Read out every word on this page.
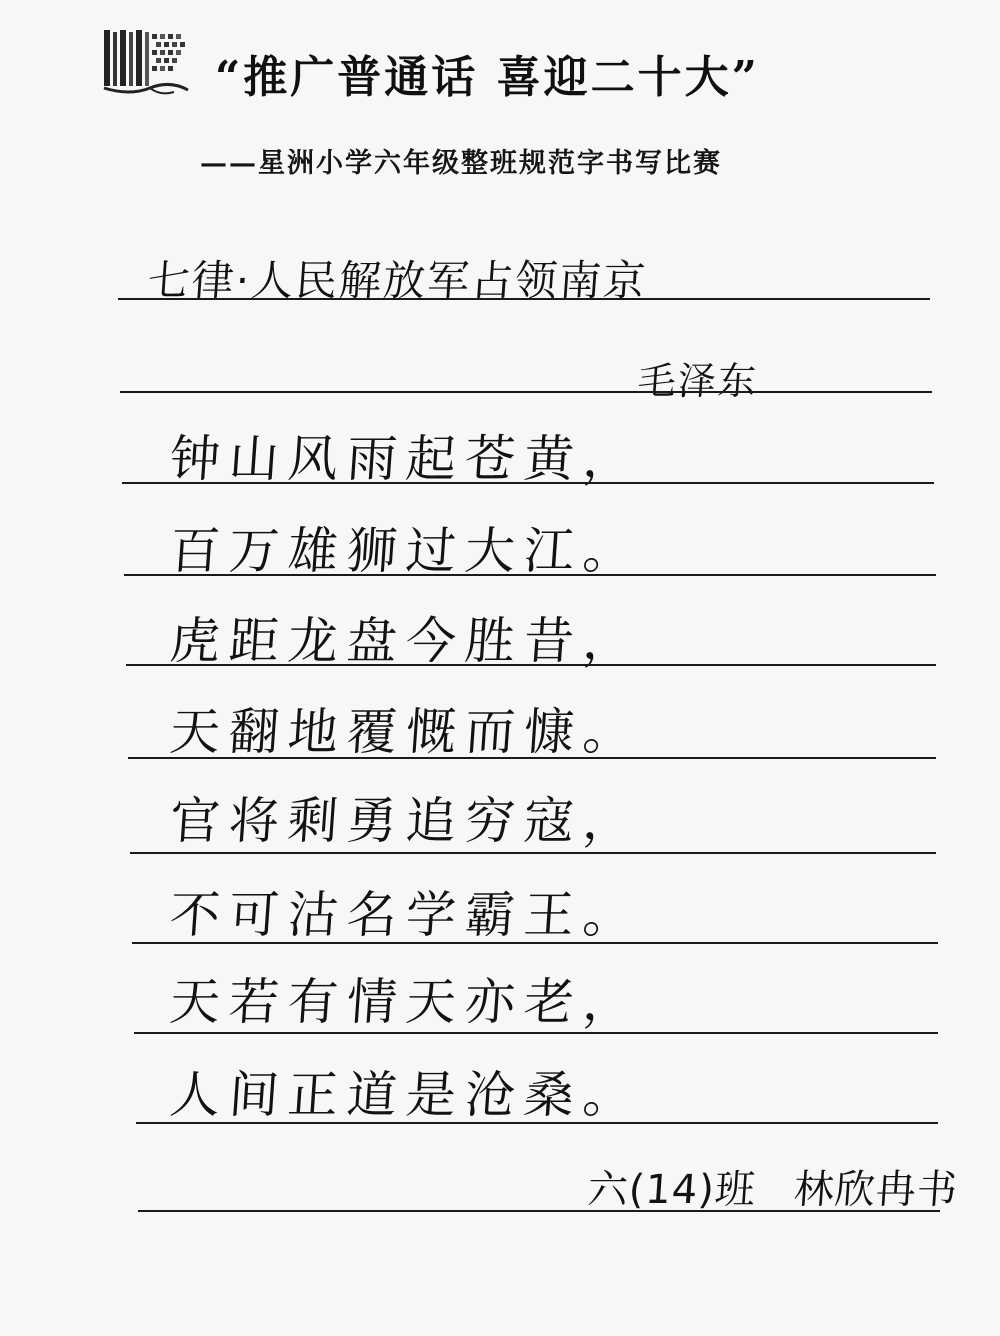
“推广普通话 喜迎二十大”
——星洲小学六年级整班规范字书写比赛
七律·人民解放军占领南京
毛泽东
钟山风雨起苍黄，
百万雄狮过大江。
虎距龙盘今胜昔，
天翻地覆慨而慷。
官将剩勇追穷寇，
不可沽名学霸王。
天若有情天亦老，
人间正道是沧桑。
六(14)班 林欣冉书
